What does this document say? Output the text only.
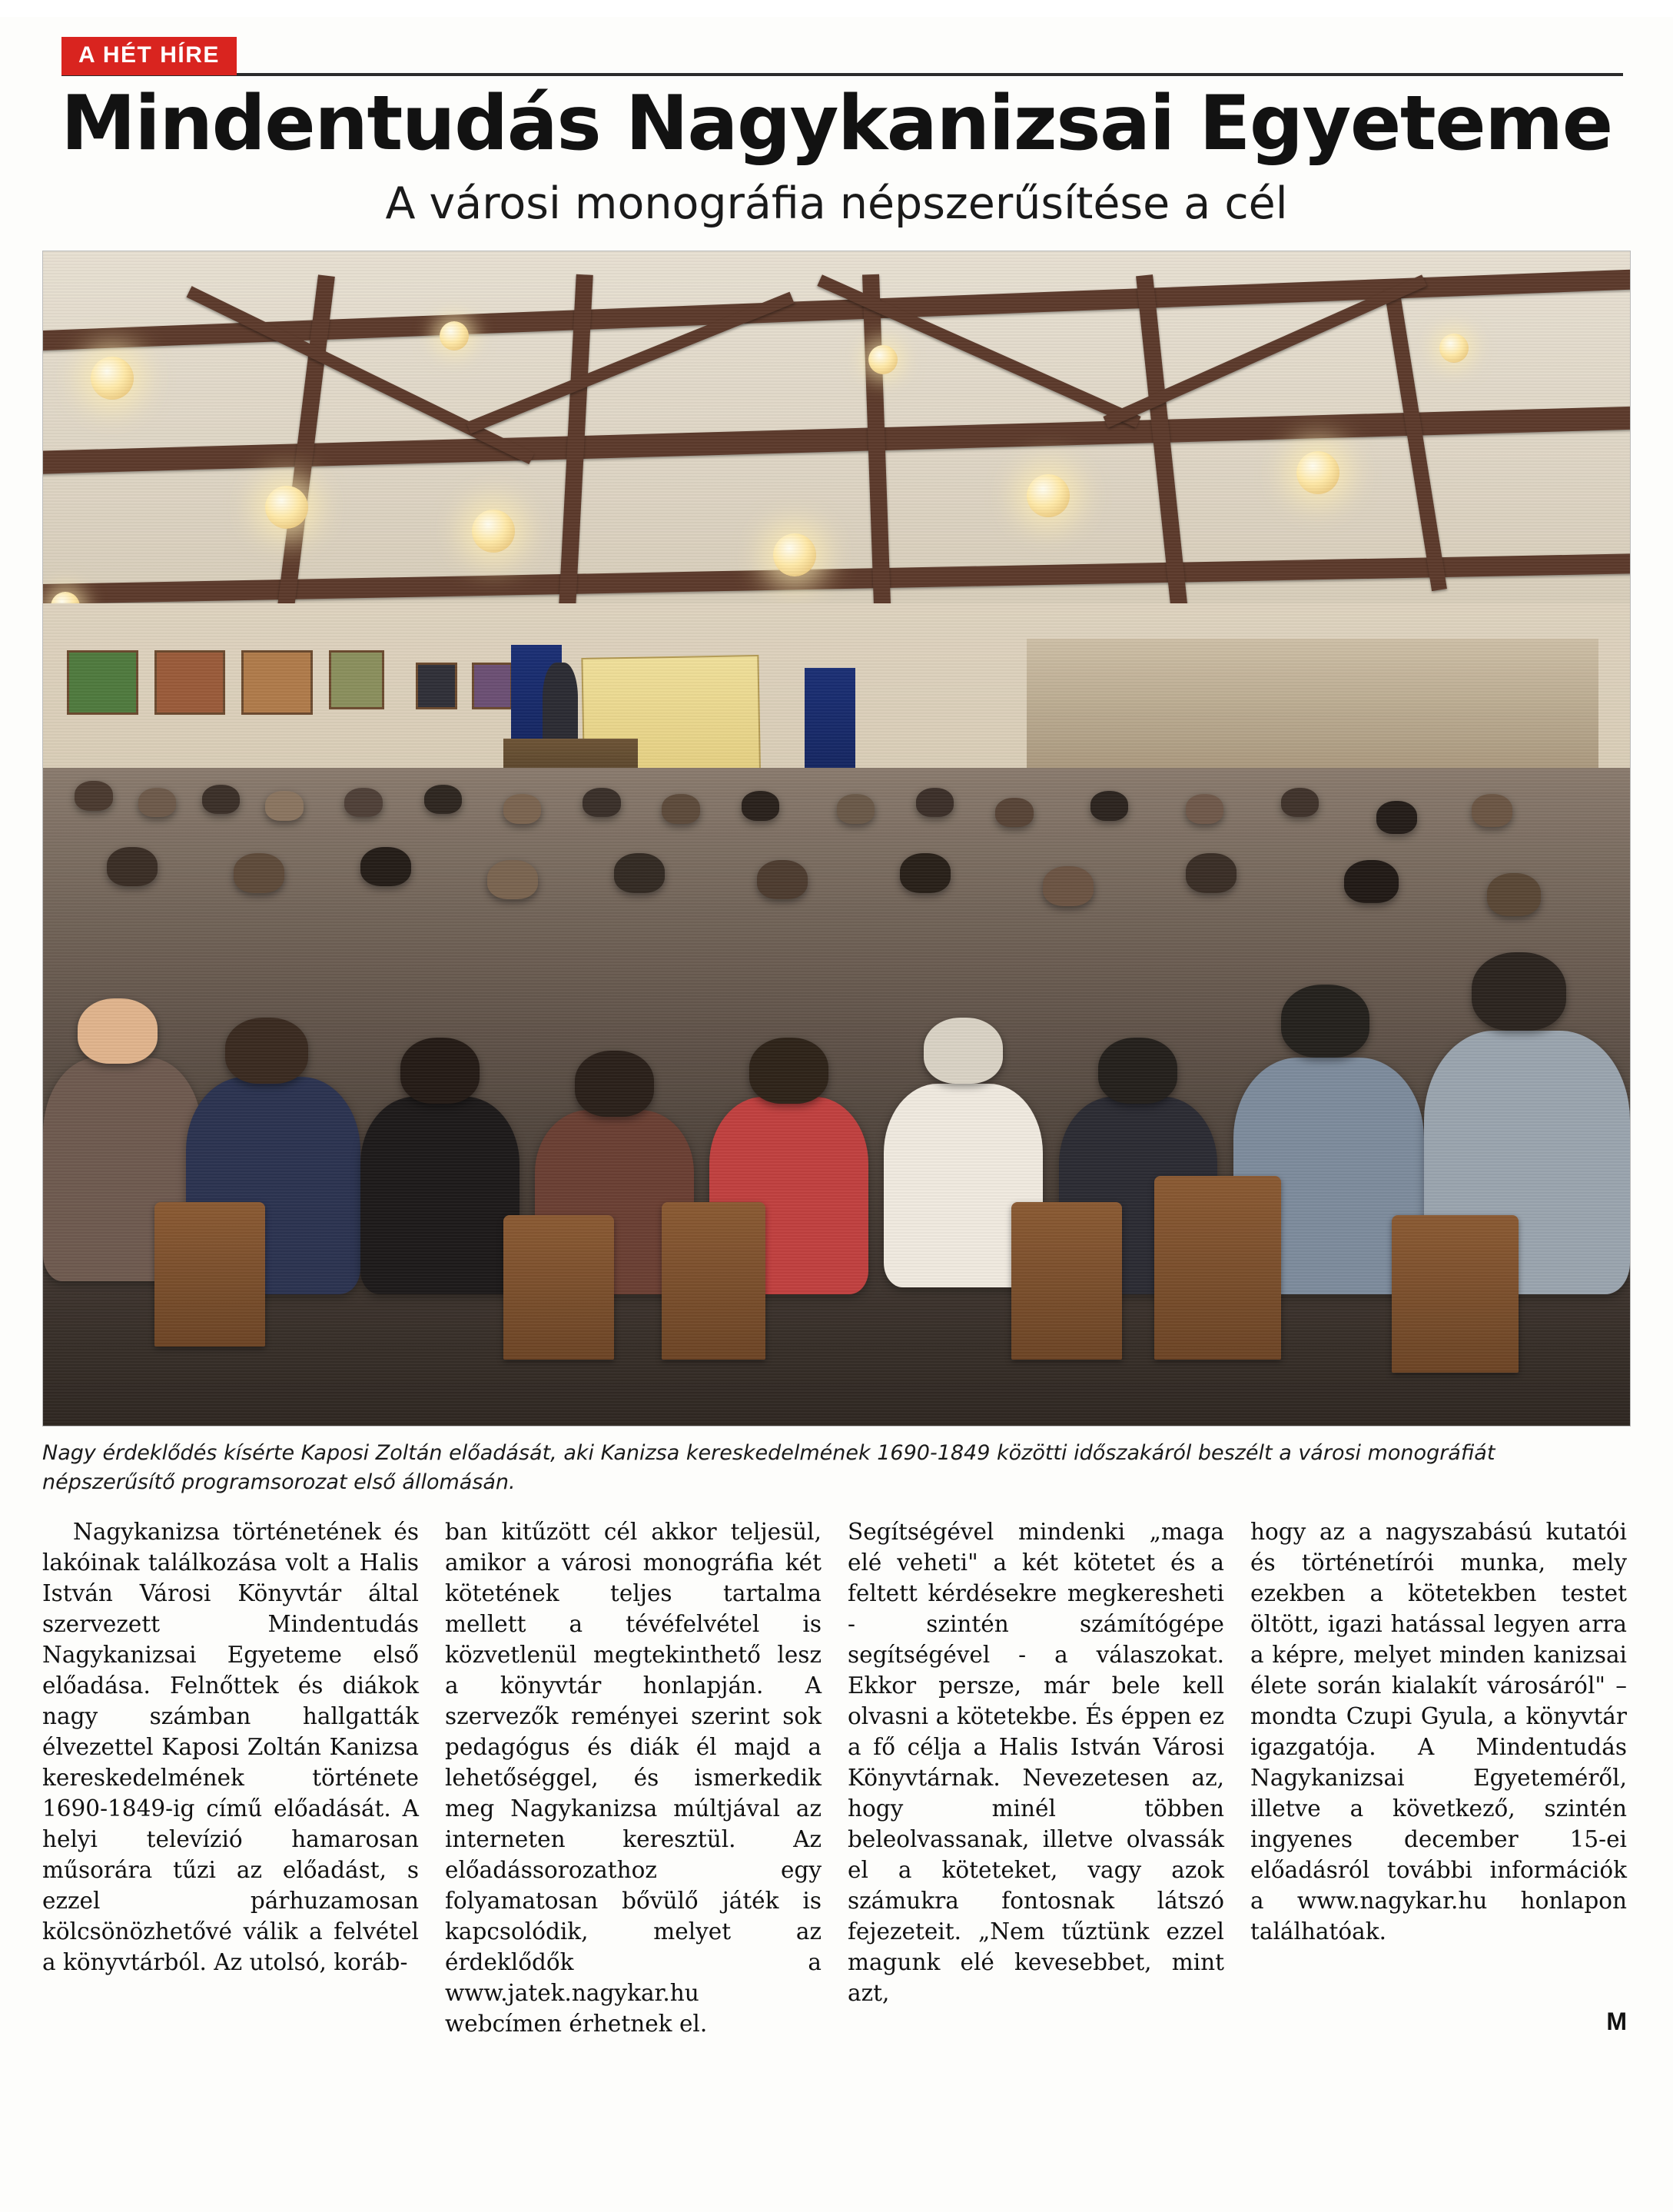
A HÉT HÍRE
Mindentudás Nagykanizsai Egyeteme
A városi monográfia népszerűsítése a cél
Nagy érdeklődés kísérte Kaposi Zoltán előadását, aki Kanizsa kereskedelmének 1690-1849 közötti időszakáról beszélt a városi monográfiát népszerűsítő programsorozat első állomásán.

Nagykanizsa történetének és lakóinak találkozása volt a Halis István Városi Könyvtár által szervezett Mindentudás Nagykanizsai Egyeteme első előadása. Felnőttek és diákok nagy számban hallgatták élvezettel Kaposi Zoltán Kanizsa kereskedelmének története 1690-1849-ig című előadását. A helyi televízió hamarosan műsorára tűzi az előadást, s ezzel párhuzamosan kölcsönözhetővé válik a felvétel a könyvtárból. Az utolsó, koráb-

ban kitűzött cél akkor teljesül, amikor a városi monográfia két kötetének teljes tartalma mellett a tévéfelvétel is közvetlenül megtekinthető lesz a könyvtár honlapján. A szervezők reményei szerint sok pedagógus és diák él majd a lehetőséggel, és ismerkedik meg Nagykanizsa múltjával az interneten keresztül. Az előadássorozathoz egy folyamatosan bővülő játék is kapcsolódik, melyet az érdeklődők a www.jatek.nagykar.hu webcímen érhetnek el.

Segítségével mindenki „maga elé veheti" a két kötetet és a feltett kérdésekre megkeresheti - szintén számítógépe segítségével - a válaszokat. Ekkor persze, már bele kell olvasni a kötetekbe. És éppen ez a fő célja a Halis István Városi Könyvtárnak. Nevezetesen az, hogy minél többen beleolvassanak, illetve olvassák el a köteteket, vagy azok számukra fontosnak látszó fejezeteit. „Nem tűztünk ezzel magunk elé kevesebbet, mint azt,

hogy az a nagyszabású kutatói és történetírói munka, mely ezekben a kötetekben testet öltött, igazi hatással legyen arra a képre, melyet minden kanizsai élete során kialakít városáról" – mondta Czupi Gyula, a könyvtár igazgatója. A Mindentudás Nagykanizsai Egyeteméről, illetve a következő, szintén ingyenes december 15-ei előadásról további információk a www.nagykar.hu honlapon találhatóak.

M
